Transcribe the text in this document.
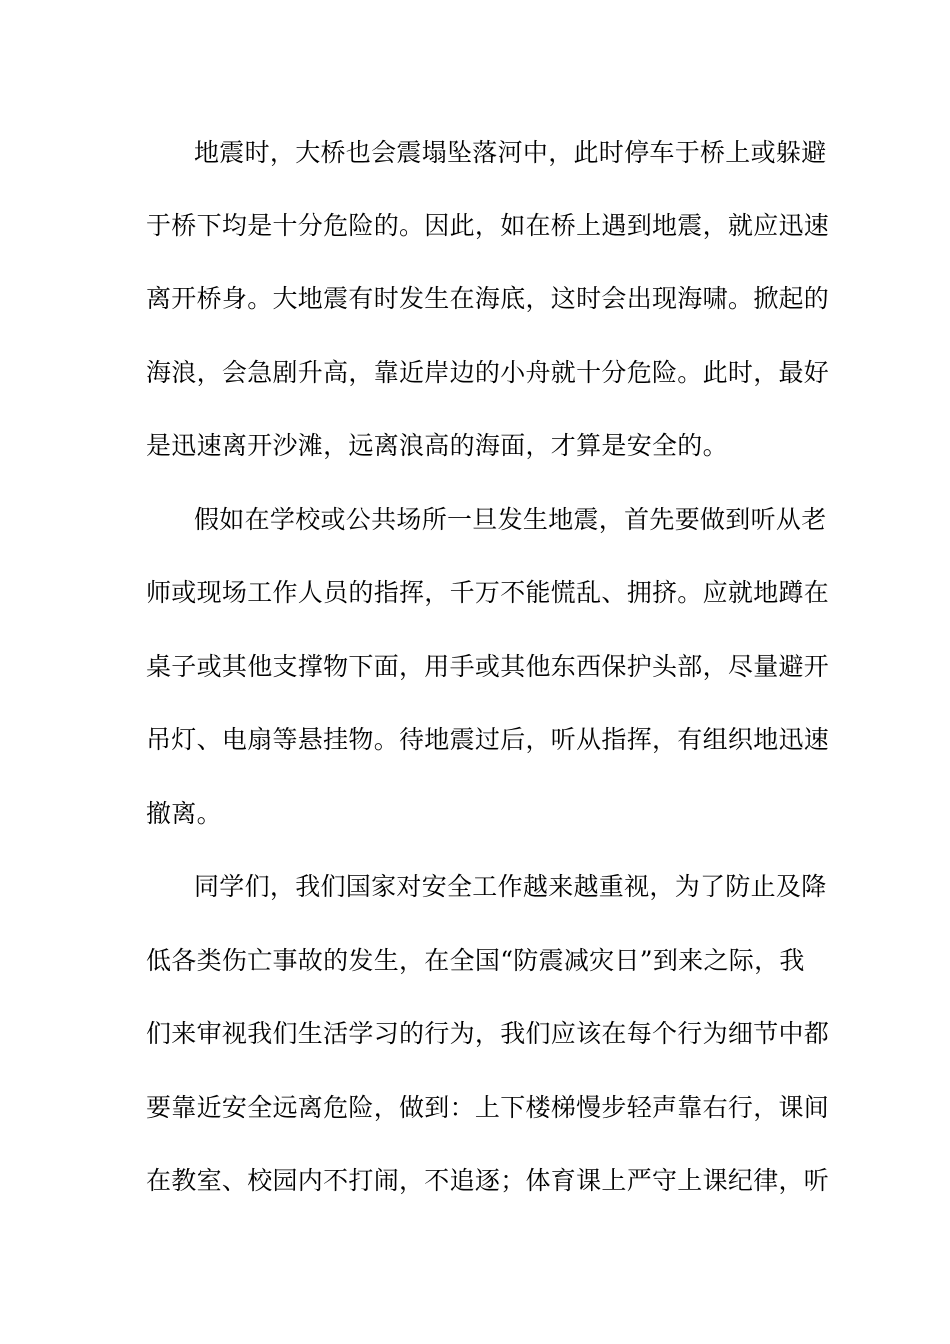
地震时，大桥也会震塌坠落河中，此时停车于桥上或躲避
于桥下均是十分危险的。因此，如在桥上遇到地震，就应迅速
离开桥身。大地震有时发生在海底，这时会出现海啸。掀起的
海浪，会急剧升高，靠近岸边的小舟就十分危险。此时，最好
是迅速离开沙滩，远离浪高的海面，才算是安全的。
假如在学校或公共场所一旦发生地震，首先要做到听从老
师或现场工作人员的指挥，千万不能慌乱、拥挤。应就地蹲在
桌子或其他支撑物下面，用手或其他东西保护头部，尽量避开
吊灯、电扇等悬挂物。待地震过后，听从指挥，有组织地迅速
撤离。
同学们，我们国家对安全工作越来越重视，为了防止及降
低各类伤亡事故的发生，在全国“防震减灾日”到来之际，我
们来审视我们生活学习的行为，我们应该在每个行为细节中都
要靠近安全远离危险，做到：上下楼梯慢步轻声靠右行，课间
在教室、校园内不打闹，不追逐；体育课上严守上课纪律，听
